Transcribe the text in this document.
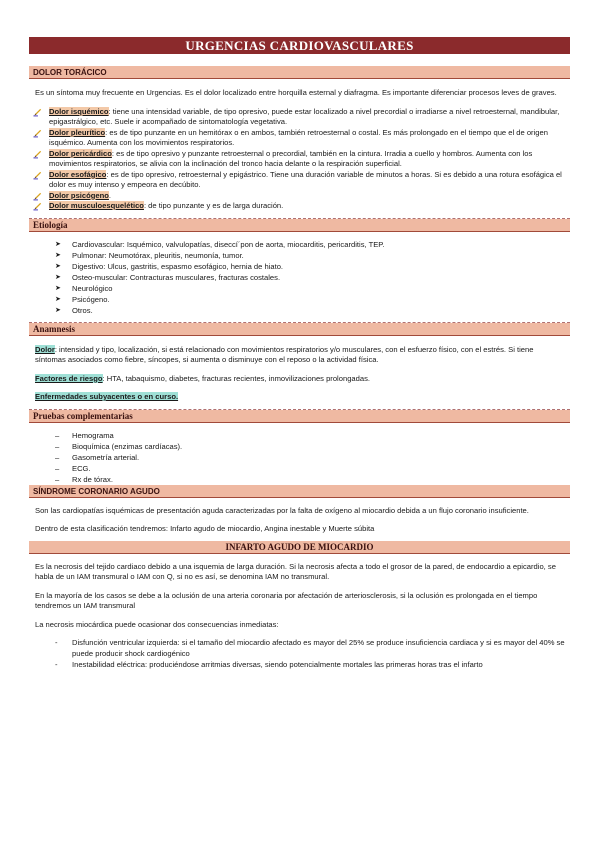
URGENCIAS CARDIOVASCULARES
DOLOR TORÁCICO
Es un síntoma muy frecuente en Urgencias. Es el dolor localizado entre horquilla esternal y diafragma. Es importante diferenciar procesos leves de graves.
Dolor isquémico: tiene una intensidad variable, de tipo opresivo, puede estar localizado a nivel precordial o irradiarse a nivel retroesternal, mandibular, epigastrálgico, etc. Suele ir acompañado de sintomatología vegetativa.
Dolor pleurítico: es de tipo punzante en un hemitórax o en ambos, también retroesternal o costal. Es más prolongado en el tiempo que el de origen isquémico. Aumenta con los movimientos respiratorios.
Dolor pericárdico: es de tipo opresivo y punzante retroesternal o precordial, también en la cintura. Irradia a cuello y hombros. Aumenta con los movimientos respiratorios, se alivia con la inclinación del tronco hacia delante o la respiración superficial.
Dolor esofágico: es de tipo opresivo, retroesternal y epigástrico. Tiene una duración variable de minutos a horas. Si es debido a una rotura esofágica el dolor es muy intenso y empeora en decúbito.
Dolor psicógeno.
Dolor musculoesquelético: de tipo punzante y es de larga duración.
Etiología
➤ Cardiovascular: Isquémico, valvulopatías, diseccí´pon de aorta, miocarditis, pericarditis, TEP.
➤ Pulmonar: Neumotórax, pleuritis, neumonía, tumor.
➤ Digestivo: Ulcus, gastritis, espasmo esofágico, hernia de hiato.
➤ Osteo-muscular: Contracturas musculares, fracturas costales.
➤ Neurológico
➤ Psicógeno.
➤ Otros.
Anamnesis
Dolor: intensidad y tipo, localización, si está relacionado con movimientos respiratorios y/o musculares, con el esfuerzo físico, con el estrés. Si tiene síntomas asociados como fiebre, síncopes, si aumenta o disminuye con el reposo o la actividad física.
Factores de riesgo: HTA, tabaquismo, diabetes, fracturas recientes, inmovilizaciones prolongadas.
Enfermedades subyacentes o en curso.
Pruebas complementarias
– Hemograma
– Bioquímica (enzimas cardíacas).
– Gasometría arterial.
– ECG.
– Rx de tórax.
SÍNDROME CORONARIO AGUDO
Son las cardiopatías isquémicas de presentación aguda caracterizadas por la falta de oxígeno al miocardio debida a un flujo coronario insuficiente.
Dentro de esta clasificación tendremos: Infarto agudo de miocardio, Angina inestable y Muerte súbita
INFARTO AGUDO DE MIOCARDIO
Es la necrosis del tejido cardiaco debido a una isquemia de larga duración. Si la necrosis afecta a todo el grosor de la pared, de endocardio a epicardio, se habla de un IAM transmural o IAM con Q, si no es así, se denomina IAM no transmural.
En la mayoría de los casos se debe a la oclusión de una arteria coronaria por afectación de arteriosclerosis, si la oclusión es prolongada en el tiempo tendremos un IAM transmural
La necrosis miocárdica puede ocasionar dos consecuencias inmediatas:
- Disfunción ventricular izquierda: si el tamaño del miocardio afectado es mayor del 25% se produce insuficiencia cardiaca y si es mayor del 40% se puede producir shock cardiogénico
- Inestabilidad eléctrica: produciéndose arritmias diversas, siendo potencialmente mortales las primeras horas tras el infarto
